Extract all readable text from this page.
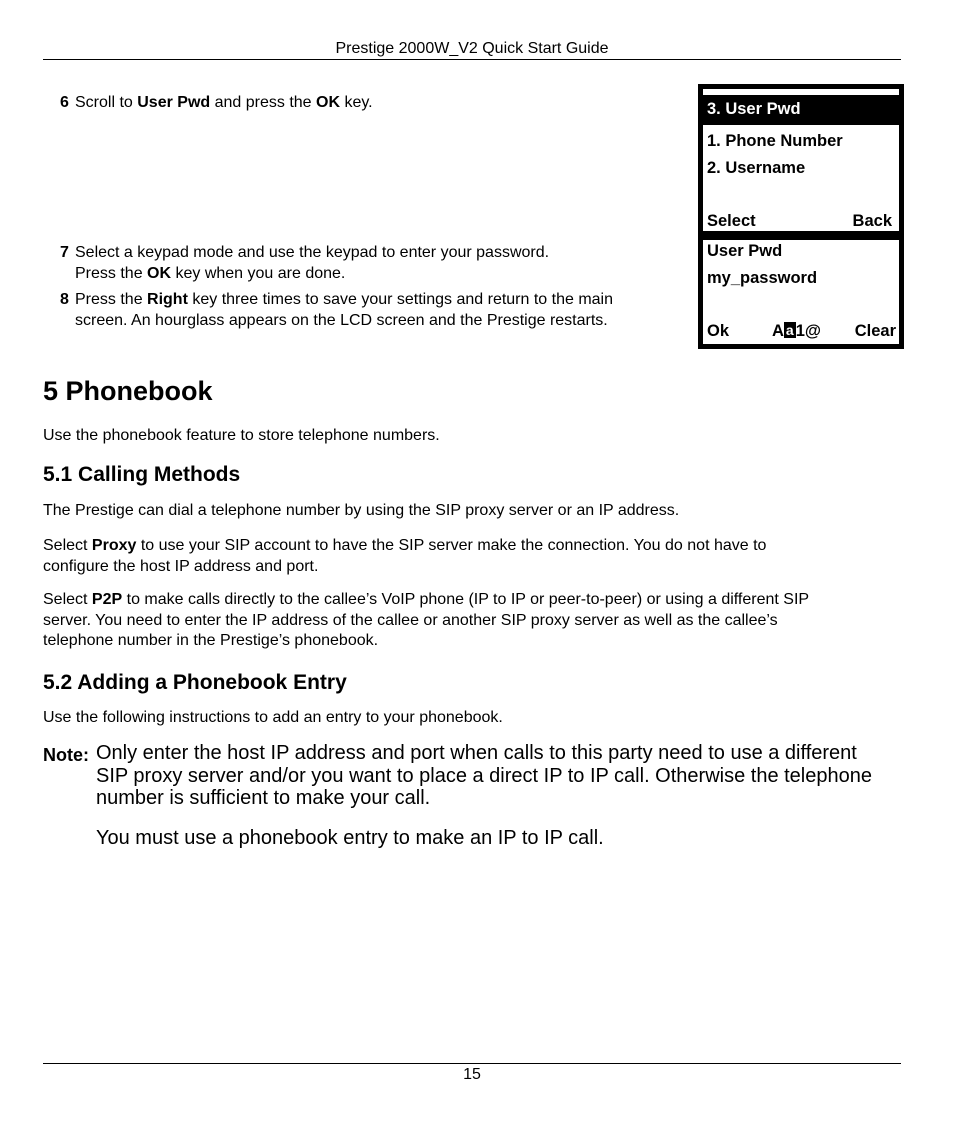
Prestige 2000W_V2 Quick Start Guide
6 Scroll to User Pwd and press the OK key.
7 Select a keypad mode and use the keypad to enter your password.
Press the OK key when you are done.
8 Press the Right key three times to save your settings and return to the main
screen. An hourglass appears on the LCD screen and the Prestige restarts.
3. User Pwd
1. Phone Number
2. Username
Select	Back
User Pwd
my_password
Ok	A a 1@ Clear
5 Phonebook
Use the phonebook feature to store telephone numbers.
5.1 Calling Methods
The Prestige can dial a telephone number by using the SIP proxy server or an IP address.
Select Proxy to use your SIP account to have the SIP server make the connection. You do not have to
configure the host IP address and port.
Select P2P to make calls directly to the callee’s VoIP phone (IP to IP or peer-to-peer) or using a different SIP
server. You need to enter the IP address of the callee or another SIP proxy server as well as the callee’s
telephone number in the Prestige’s phonebook.
5.2 Adding a Phonebook Entry
Use the following instructions to add an entry to your phonebook.
Note: Only enter the host IP address and port when calls to this party need to use a different
SIP proxy server and/or you want to place a direct IP to IP call. Otherwise the telephone
number is sufficient to make your call.
You must use a phonebook entry to make an IP to IP call.
15
